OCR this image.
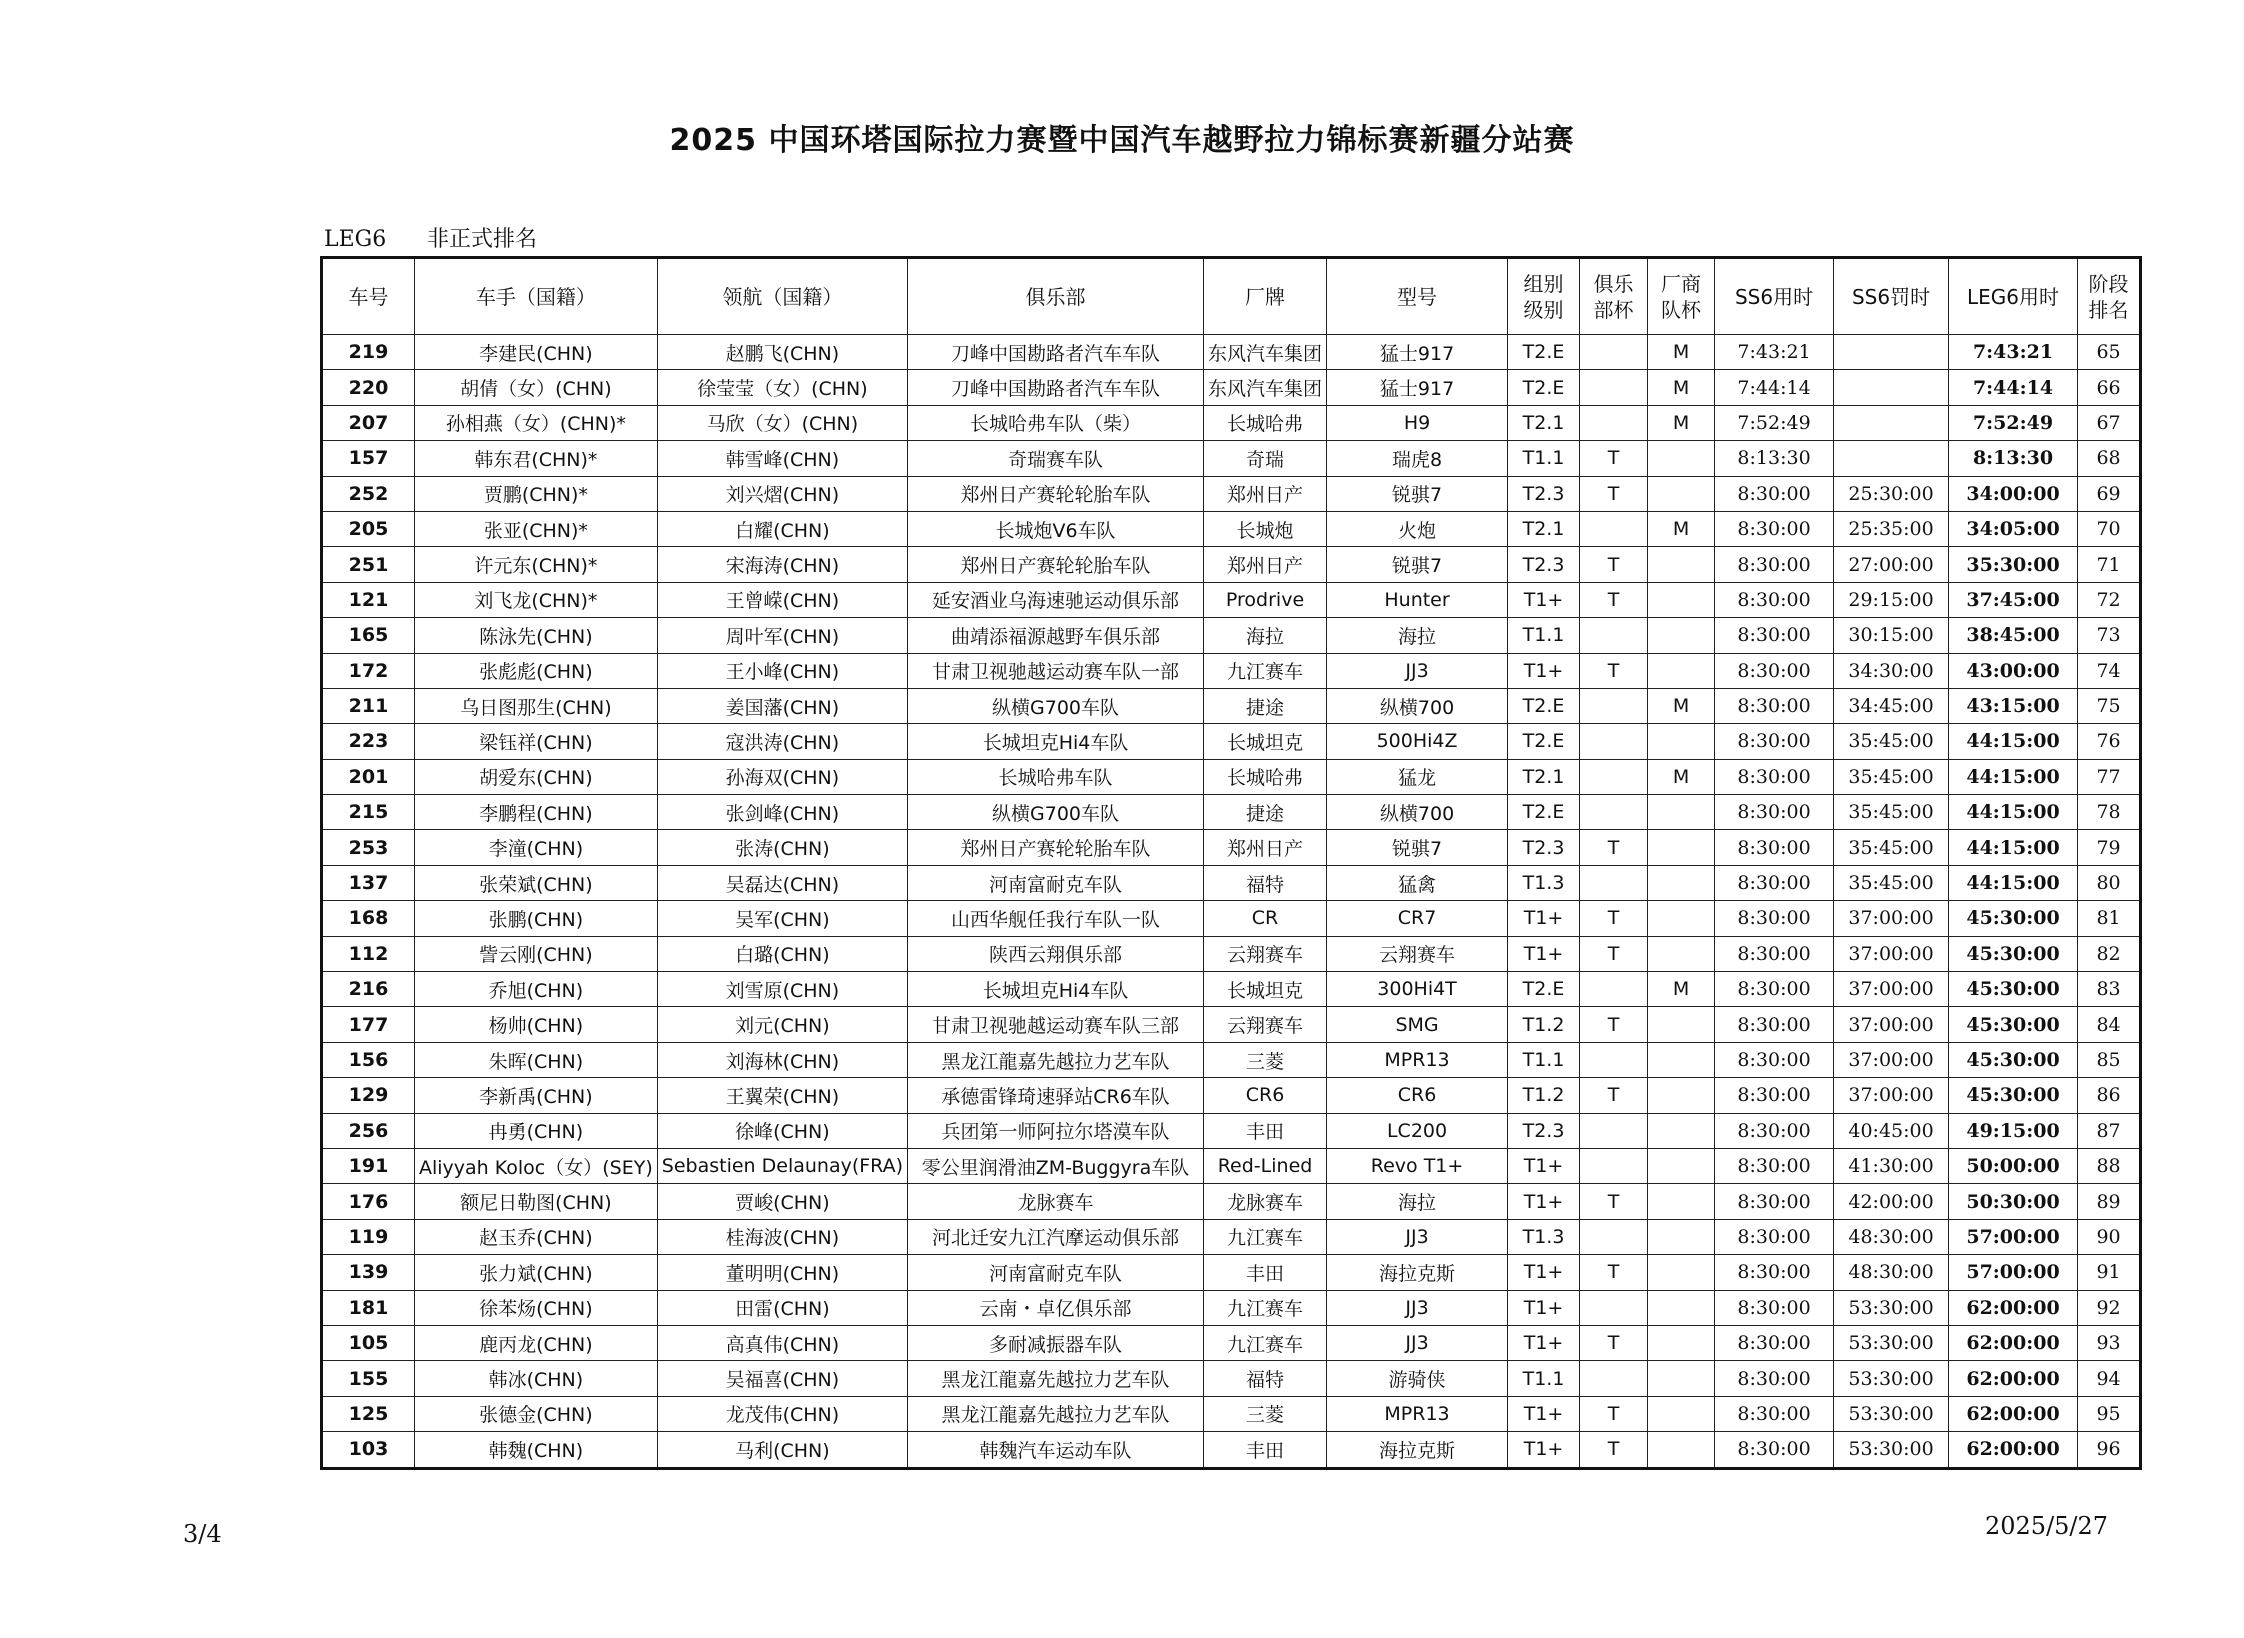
2025 中国环塔国际拉力赛暨中国汽车越野拉力锦标赛新疆分站赛
LEG6 非正式排名
车号	车手（国籍）	领航（国籍）	俱乐部	厂牌	型号	组别 级别	俱乐 部杯	厂商 队杯	SS6用时	SS6罚时	LEG6用时	阶段 排名
219	李建民(CHN)	赵鹏飞(CHN)	刀峰中国勘路者汽车车队	东风汽车集团	猛士917	T2.E		M	7:43:21		7:43:21	65
220	胡倩（女）(CHN)	徐莹莹（女）(CHN)	刀峰中国勘路者汽车车队	东风汽车集团	猛士917	T2.E		M	7:44:14		7:44:14	66
207	孙相燕（女）(CHN)*	马欣（女）(CHN)	长城哈弗车队（柴）	长城哈弗	H9	T2.1		M	7:52:49		7:52:49	67
157	韩东君(CHN)*	韩雪峰(CHN)	奇瑞赛车队	奇瑞	瑞虎8	T1.1	T		8:13:30		8:13:30	68
252	贾鹏(CHN)*	刘兴熠(CHN)	郑州日产赛轮轮胎车队	郑州日产	锐骐7	T2.3	T		8:30:00	25:30:00	34:00:00	69
205	张亚(CHN)*	白耀(CHN)	长城炮V6车队	长城炮	火炮	T2.1		M	8:30:00	25:35:00	34:05:00	70
251	许元东(CHN)*	宋海涛(CHN)	郑州日产赛轮轮胎车队	郑州日产	锐骐7	T2.3	T		8:30:00	27:00:00	35:30:00	71
121	刘飞龙(CHN)*	王曾嵘(CHN)	延安酒业乌海速驰运动俱乐部	Prodrive	Hunter	T1+	T		8:30:00	29:15:00	37:45:00	72
165	陈泳先(CHN)	周叶军(CHN)	曲靖添福源越野车俱乐部	海拉	海拉	T1.1			8:30:00	30:15:00	38:45:00	73
172	张彪彪(CHN)	王小峰(CHN)	甘肃卫视驰越运动赛车队一部	九江赛车	JJ3	T1+	T		8:30:00	34:30:00	43:00:00	74
211	乌日图那生(CHN)	姜国藩(CHN)	纵横G700车队	捷途	纵横700	T2.E		M	8:30:00	34:45:00	43:15:00	75
223	梁钰祥(CHN)	寇洪涛(CHN)	长城坦克Hi4车队	长城坦克	500Hi4Z	T2.E			8:30:00	35:45:00	44:15:00	76
201	胡爱东(CHN)	孙海双(CHN)	长城哈弗车队	长城哈弗	猛龙	T2.1		M	8:30:00	35:45:00	44:15:00	77
215	李鹏程(CHN)	张剑峰(CHN)	纵横G700车队	捷途	纵横700	T2.E			8:30:00	35:45:00	44:15:00	78
253	李潼(CHN)	张涛(CHN)	郑州日产赛轮轮胎车队	郑州日产	锐骐7	T2.3	T		8:30:00	35:45:00	44:15:00	79
137	张荣斌(CHN)	吴磊达(CHN)	河南富耐克车队	福特	猛禽	T1.3			8:30:00	35:45:00	44:15:00	80
168	张鹏(CHN)	吴军(CHN)	山西华舰任我行车队一队	CR	CR7	T1+	T		8:30:00	37:00:00	45:30:00	81
112	訾云刚(CHN)	白璐(CHN)	陕西云翔俱乐部	云翔赛车	云翔赛车	T1+	T		8:30:00	37:00:00	45:30:00	82
216	乔旭(CHN)	刘雪原(CHN)	长城坦克Hi4车队	长城坦克	300Hi4T	T2.E		M	8:30:00	37:00:00	45:30:00	83
177	杨帅(CHN)	刘元(CHN)	甘肃卫视驰越运动赛车队三部	云翔赛车	SMG	T1.2	T		8:30:00	37:00:00	45:30:00	84
156	朱晖(CHN)	刘海林(CHN)	黑龙江龍嘉先越拉力艺车队	三菱	MPR13	T1.1			8:30:00	37:00:00	45:30:00	85
129	李新禹(CHN)	王翼荣(CHN)	承德雷锋琦速驿站CR6车队	CR6	CR6	T1.2	T		8:30:00	37:00:00	45:30:00	86
256	冉勇(CHN)	徐峰(CHN)	兵团第一师阿拉尔塔漠车队	丰田	LC200	T2.3			8:30:00	40:45:00	49:15:00	87
191	Aliyyah Koloc（女）(SEY)	Sebastien Delaunay(FRA)	零公里润滑油ZM-Buggyra车队	Red-Lined	Revo T1+	T1+			8:30:00	41:30:00	50:00:00	88
176	额尼日勒图(CHN)	贾峻(CHN)	龙脉赛车	龙脉赛车	海拉	T1+	T		8:30:00	42:00:00	50:30:00	89
119	赵玉乔(CHN)	桂海波(CHN)	河北迁安九江汽摩运动俱乐部	九江赛车	JJ3	T1.3			8:30:00	48:30:00	57:00:00	90
139	张力斌(CHN)	董明明(CHN)	河南富耐克车队	丰田	海拉克斯	T1+	T		8:30:00	48:30:00	57:00:00	91
181	徐苯炀(CHN)	田雷(CHN)	云南・卓亿俱乐部	九江赛车	JJ3	T1+			8:30:00	53:30:00	62:00:00	92
105	鹿丙龙(CHN)	高真伟(CHN)	多耐减振器车队	九江赛车	JJ3	T1+	T		8:30:00	53:30:00	62:00:00	93
155	韩冰(CHN)	吴福喜(CHN)	黑龙江龍嘉先越拉力艺车队	福特	游骑侠	T1.1			8:30:00	53:30:00	62:00:00	94
125	张德金(CHN)	龙茂伟(CHN)	黑龙江龍嘉先越拉力艺车队	三菱	MPR13	T1+	T		8:30:00	53:30:00	62:00:00	95
103	韩魏(CHN)	马利(CHN)	韩魏汽车运动车队	丰田	海拉克斯	T1+	T		8:30:00	53:30:00	62:00:00	96
3/4	2025/5/27
